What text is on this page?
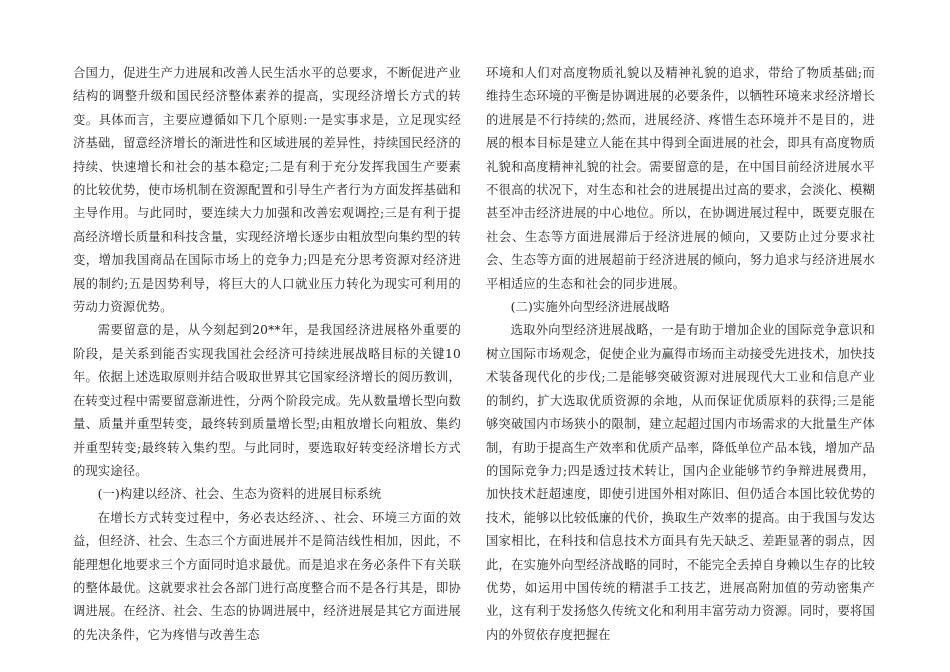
合国力，促进生产力进展和改善人民生活水平的总要求，不断促进产业结构的调整升级和国民经济整体素养的提高，实现经济增长方式的转变。具体而言，主要应遵循如下几个原则:一是实事求是，立足现实经济基础，留意经济增长的渐进性和区域进展的差异性，持续国民经济的持续、快速增长和社会的基本稳定;二是有利于充分发挥我国生产要素的比较优势，使市场机制在资源配置和引导生产者行为方面发挥基础和主导作用。与此同时，要连续大力加强和改善宏观调控;三是有利于提高经济增长质量和科技含量，实现经济增长逐步由粗放型向集约型的转变，增加我国商品在国际市场上的竞争力;四是充分思考资源对经济进展的制约;五是因势利导，将巨大的人口就业压力转化为现实可利用的劳动力资源优势。

需要留意的是，从今刻起到20**年，是我国经济进展格外重要的阶段，是关系到能否实现我国社会经济可持续进展战略目标的关键10年。依据上述选取原则并结合吸取世界其它国家经济增长的阅历教训，在转变过程中需要留意渐进性，分两个阶段完成。先从数量增长型向数量、质量并重型转变，最终转到质量增长型;由粗放增长向粗放、集约并重型转变;最终转入集约型。与此同时，要选取好转变经济增长方式的现实途径。

(一)构建以经济、社会、生态为资料的进展目标系统

在增长方式转变过程中，务必表达经济、、社会、环境三方面的效益，但经济、社会、生态三个方面进展并不是简洁线性相加，因此，不能理想化地要求三个方面同时追求最优。而是追求在务必条件下有关联的整体最优。这就要求社会各部门进行高度整合而不是各行其是，即协调进展。在经济、社会、生态的协调进展中，经济进展是其它方面进展的先决条件，它为疼惜与改善生态

环境和人们对高度物质礼貌以及精神礼貌的追求，带给了物质基础;而维持生态环境的平衡是协调进展的必要条件，以牺牲环境来求经济增长的进展是不行持续的;然而，进展经济、疼惜生态环境并不是目的，进展的根本目标是建立人能在其中得到全面进展的社会，即具有高度物质礼貌和高度精神礼貌的社会。需要留意的是，在中国目前经济进展水平不很高的状况下，对生态和社会的进展提出过高的要求，会淡化、模糊甚至冲击经济进展的中心地位。所以，在协调进展过程中，既要克服在社会、生态等方面进展滞后于经济进展的倾向，又要防止过分要求社会、生态等方面的进展超前于经济进展的倾向，努力追求与经济进展水平相适应的生态和社会的同步进展。

(二)实施外向型经济进展战略

选取外向型经济进展战略，一是有助于增加企业的国际竞争意识和树立国际市场观念，促使企业为赢得市场而主动接受先进技术，加快技术装备现代化的步伐;二是能够突破资源对进展现代大工业和信息产业的制约，扩大选取优质资源的余地，从而保证优质原料的获得;三是能够突破国内市场狭小的限制，建立起超过国内市场需求的大批量生产体制，有助于提高生产效率和优质产品率，降低单位产品本钱，增加产品的国际竞争力;四是透过技术转让，国内企业能够节约争辩进展费用，加快技术赶超速度，即使引进国外相对陈旧、但仍适合本国比较优势的技术，能够以比较低廉的代价，换取生产效率的提高。由于我国与发达国家相比，在科技和信息技术方面具有先天缺乏、差距显著的弱点，因此，在实施外向型经济战略的同时，不能完全丢掉自身赖以生存的比较优势，如运用中国传统的精湛手工技艺，进展高附加值的劳动密集产业，这有利于发扬悠久传统文化和利用丰富劳动力资源。同时，要将国内的外贸依存度把握在
